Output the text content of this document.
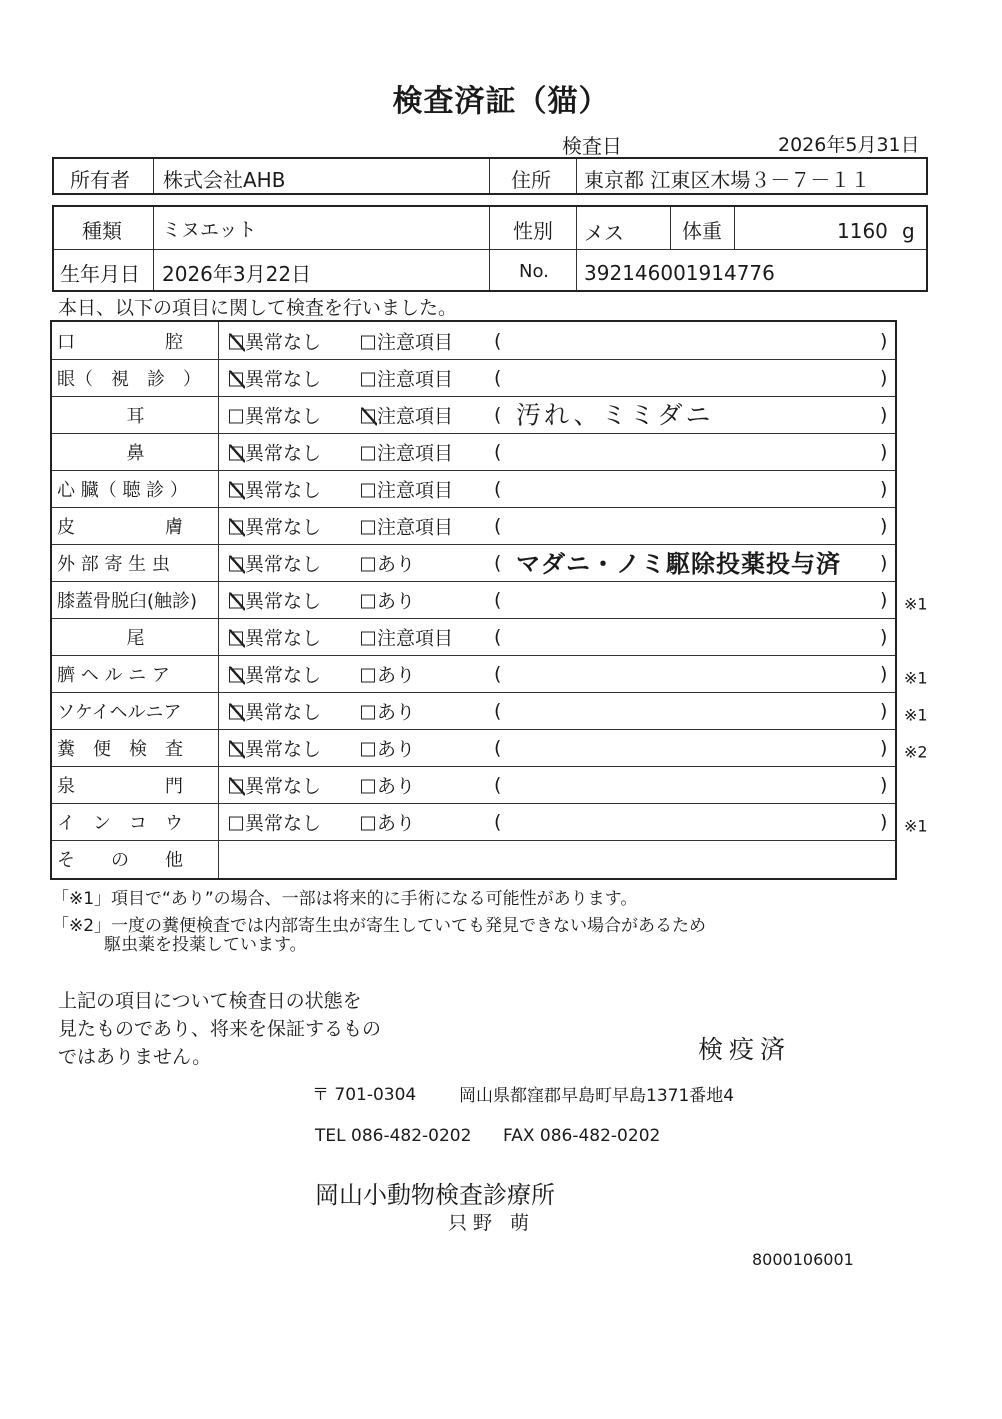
検査済証（猫）
検査日	2026年5月31日
所有者 株式会社AHB	住所 東京都 江東区木場３－７－１１
種類 ミヌエット	性別 メス	体重	1160 g
生年月日 2026年3月22日	No. 392146001914776
本日、以下の項目に関して検査を行いました。
口　　　　　腔	異常なし	注意項目 (	)
眼（　視　診　）	異常なし	注意項目 (	)
耳	異常なし	注意項目 ( 汚れ、ミミダニ	)
鼻	異常なし	注意項目 (	)
心 臓（ 聴 診 ）	異常なし	注意項目 (	)
皮　　　　　膚	異常なし	注意項目 (	)
外 部 寄 生 虫	異常なし	あり	( マダニ・ノミ駆除投薬投与済 )
膝蓋骨脱臼(触診)	異常なし	あり	(	) ※1
尾	異常なし	注意項目 (	)
臍 ヘ ル ニ ア	異常なし	あり	(	) ※1
ソケイヘルニア	異常なし	あり	(	) ※1
糞　便　検　査	異常なし	あり	(	) ※2
泉　　　　　門	異常なし	あり	(	)
イ　ン　コ　ウ	異常なし	あり	(	) ※1
そ　　の　　他
「※1」項目で“あり”の場合、一部は将来的に手術になる可能性があります。
「※2」一度の糞便検査では内部寄生虫が寄生していても発見できない場合があるため
駆虫薬を投薬しています。
上記の項目について検査日の状態を
見たものであり、将来を保証するもの
ではありません。	検疫済
〒 701-0304	岡山県都窪郡早島町早島1371番地4
TEL 086-482-0202 FAX 086-482-0202
岡山小動物検査診療所
只野 萌
8000106001
